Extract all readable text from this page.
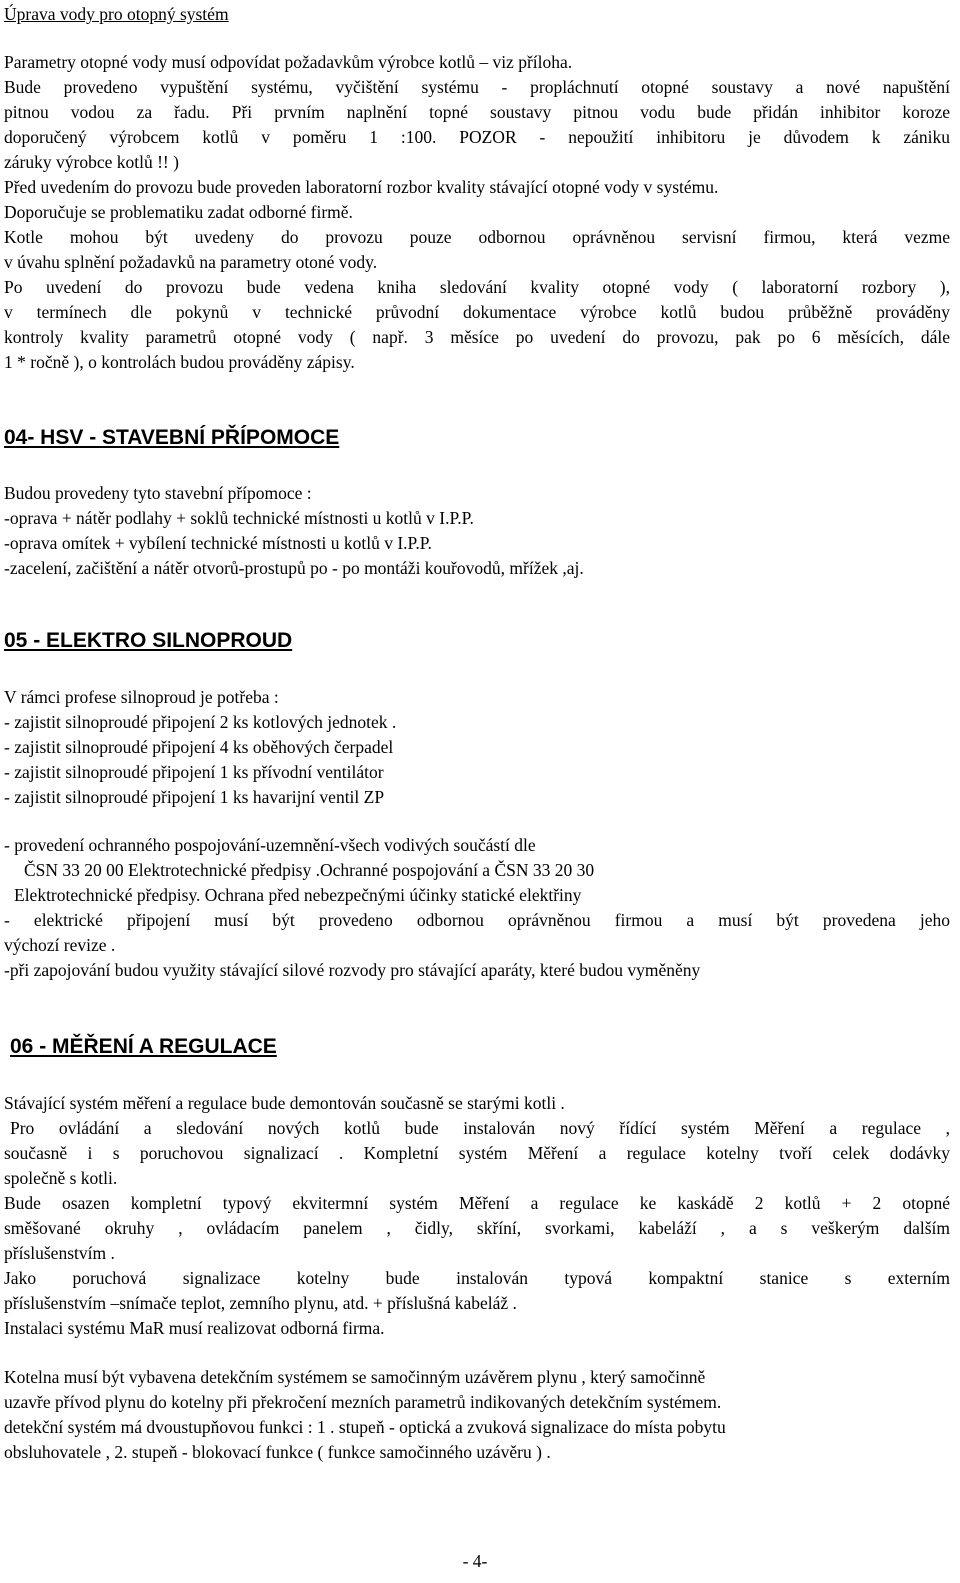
Úprava vody pro otopný systém
Parametry otopné vody musí odpovídat požadavkům výrobce kotlů – viz příloha.
Bude provedeno vypuštění systému, vyčištění systému - propláchnutí otopné soustavy a nové napuštění
pitnou vodou za řadu. Při prvním naplnění topné soustavy pitnou vodu bude přidán inhibitor koroze
doporučený výrobcem kotlů v poměru 1 :100. POZOR - nepoužití inhibitoru je důvodem k zániku
záruky výrobce kotlů !! )
Před uvedením do provozu bude proveden laboratorní rozbor kvality stávající otopné vody v systému.
Doporučuje se problematiku zadat odborné firmě.
Kotle mohou být uvedeny do provozu pouze odbornou oprávněnou servisní firmou, která vezme
v úvahu splnění požadavků na parametry otoné vody.
Po uvedení do provozu bude vedena kniha sledování kvality otopné vody ( laboratorní rozbory ),
v termínech dle pokynů v technické průvodní dokumentace výrobce kotlů budou průběžně prováděny
kontroly kvality parametrů otopné vody ( např. 3 měsíce po uvedení do provozu, pak po 6 měsících, dále
1 * ročně ), o kontrolách budou prováděny zápisy.
04- HSV - STAVEBNÍ PŘÍPOMOCE
Budou provedeny tyto stavební přípomoce :
-oprava + nátěr podlahy + soklů technické místnosti u kotlů v I.P.P.
-oprava omítek + vybílení technické místnosti u kotlů v I.P.P.
-zacelení, začištění a nátěr otvorů-prostupů po - po montáži kouřovodů, mřížek ,aj.
05 - ELEKTRO SILNOPROUD
V rámci profese silnoproud je potřeba :
- zajistit silnoproudé připojení 2 ks kotlových jednotek .
- zajistit silnoproudé připojení 4 ks oběhových čerpadel
- zajistit silnoproudé připojení 1 ks přívodní ventilátor
- zajistit silnoproudé připojení 1 ks havarijní ventil ZP
- provedení ochranného pospojování-uzemnění-všech vodivých součástí dle
ČSN 33 20 00 Elektrotechnické předpisy .Ochranné pospojování a ČSN 33 20 30
Elektrotechnické předpisy. Ochrana před nebezpečnými účinky statické elektřiny
- elektrické připojení musí být provedeno odbornou oprávněnou firmou a musí být provedena jeho
výchozí revize .
-při zapojování budou využity stávající silové rozvody pro stávající aparáty, které budou vyměněny
06 - MĚŘENÍ A REGULACE
Stávající systém měření a regulace bude demontován současně se starými kotli .
Pro ovládání a sledování nových kotlů bude instalován nový řídící systém Měření a regulace ,
současně i s poruchovou signalizací . Kompletní systém Měření a regulace kotelny tvoří celek dodávky
společně s kotli.
Bude osazen kompletní typový ekvitermní systém Měření a regulace ke kaskádě 2 kotlů + 2 otopné
směšované okruhy , ovládacím panelem , čidly, skříní, svorkami, kabeláží , a s veškerým dalším
příslušenstvím .
Jako poruchová signalizace kotelny bude instalován typová kompaktní stanice s externím
příslušenstvím –snímače teplot, zemního plynu, atd. + příslušná kabeláž .
Instalaci systému MaR musí realizovat odborná firma.
Kotelna musí být vybavena detekčním systémem se samočinným uzávěrem plynu , který samočinně
uzavře přívod plynu do kotelny při překročení mezních parametrů indikovaných detekčním systémem.
detekční systém má dvoustupňovou funkci : 1 . stupeň - optická a zvuková signalizace do místa pobytu
obsluhovatele , 2. stupeň - blokovací funkce ( funkce samočinného uzávěru ) .
- 4-
